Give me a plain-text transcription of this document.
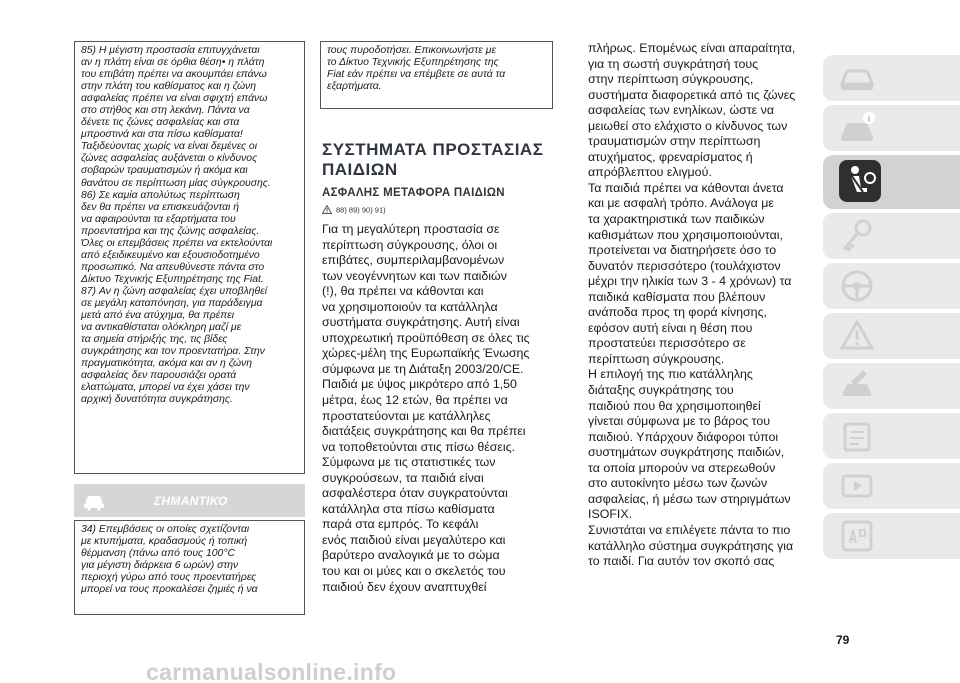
85) Η μέγιστη προστασία επιτυγχάνεται
αν η πλάτη είναι σε όρθια θέση• η πλάτη
του επιβάτη πρέπει να ακουμπάει επάνω
στην πλάτη του καθίσματος και η ζώνη
ασφαλείας πρέπει να είναι σφιχτή επάνω
στο στήθος και στη λεκάνη. Πάντα να
δένετε τις ζώνες ασφαλείας και στα
μπροστινά και στα πίσω καθίσματα!
Ταξιδεύοντας χωρίς να είναι δεμένες οι
ζώνες ασφαλείας αυξάνεται ο κίνδυνος
σοβαρών τραυματισμών ή ακόμα και
θανάτου σε περίπτωση μίας σύγκρουσης.
86) Σε καμία απολύτως περίπτωση
δεν θα πρέπει να επισκευάζονται ή
να αφαιρούνται τα εξαρτήματα του
προεντατήρα και της ζώνης ασφαλείας.
Όλες οι επεμβάσεις πρέπει να εκτελούνται
από εξειδικευμένο και εξουσιοδοτημένο
προσωπικό. Να απευθύνεστε πάντα στο
Δίκτυο Τεχνικής Εξυπηρέτησης της Fiat.
87) Αν η ζώνη ασφαλείας έχει υποβληθεί
σε μεγάλη καταπόνηση, για παράδειγμα
μετά από ένα ατύχημα, θα πρέπει
να αντικαθίσταται ολόκληρη μαζί με
τα σημεία στήριξής της, τις βίδες
συγκράτησης και τον προεντατήρα. Στην
πραγματικότητα, ακόμα και αν η ζώνη
ασφαλείας δεν παρουσιάζει ορατά
ελαττώματα, μπορεί να έχει χάσει την
αρχική δυνατότητα συγκράτησης.
ΣΗΜΑΝΤΙΚΟ
34) Επεμβάσεις οι οποίες σχετίζονται
με κτυπήματα, κραδασμούς ή τοπική
θέρμανση (πάνω από τους 100°C
για μέγιστη διάρκεια 6 ωρών) στην
περιοχή γύρω από τους προεντατήρες
μπορεί να τους προκαλέσει ζημιές ή να
τους πυροδοτήσει. Επικοινωνήστε με
το Δίκτυο Τεχνικής Εξυπηρέτησης της
Fiat εάν πρέπει να επέμβετε σε αυτά τα
εξαρτήματα.
ΣΥΣΤΗΜΑΤΑ ΠΡΟΣΤΑΣΙΑΣ
ΠΑΙΔΙΩΝ
ΑΣΦΑΛΗΣ ΜΕΤΑΦΟΡΑ ΠΑΙΔΙΩΝ
88) 89) 90) 91)
Για τη μεγαλύτερη προστασία σε
περίπτωση σύγκρουσης, όλοι οι
επιβάτες, συμπεριλαμβανομένων
των νεογέννητων και των παιδιών
(!), θα πρέπει να κάθονται και
να χρησιμοποιούν τα κατάλληλα
συστήματα συγκράτησης. Αυτή είναι
υποχρεωτική προϋπόθεση σε όλες τις
χώρες-μέλη της Ευρωπαϊκής Ένωσης
σύμφωνα με τη Διάταξη 2003/20/CE.
Παιδιά με ύψος μικρότερο από 1,50
μέτρα, έως 12 ετών, θα πρέπει να
προστατεύονται με κατάλληλες
διατάξεις συγκράτησης και θα πρέπει
να τοποθετούνται στις πίσω θέσεις.
Σύμφωνα με τις στατιστικές των
συγκρούσεων, τα παιδιά είναι
ασφαλέστερα όταν συγκρατούνται
κατάλληλα στα πίσω καθίσματα
παρά στα εμπρός. Το κεφάλι
ενός παιδιού είναι μεγαλύτερο και
βαρύτερο αναλογικά με το σώμα
του και οι μύες και ο σκελετός του
παιδιού δεν έχουν αναπτυχθεί
πλήρως. Επομένως είναι απαραίτητα,
για τη σωστή συγκράτησή τους
στην περίπτωση σύγκρουσης,
συστήματα διαφορετικά από τις ζώνες
ασφαλείας των ενηλίκων, ώστε να
μειωθεί στο ελάχιστο ο κίνδυνος των
τραυματισμών στην περίπτωση
ατυχήματος, φρεναρίσματος ή
απρόβλεπτου ελιγμού.
Τα παιδιά πρέπει να κάθονται άνετα
και με ασφαλή τρόπο. Ανάλογα με
τα χαρακτηριστικά των παιδικών
καθισμάτων που χρησιμοποιούνται,
προτείνεται να διατηρήσετε όσο το
δυνατόν περισσότερο (τουλάχιστον
μέχρι την ηλικία των 3 - 4 χρόνων) τα
παιδικά καθίσματα που βλέπουν
ανάποδα προς τη φορά κίνησης,
εφόσον αυτή είναι η θέση που
προστατεύει περισσότερο σε
περίπτωση σύγκρουσης.
Η επιλογή της πιο κατάλληλης
διάταξης συγκράτησης του
παιδιού που θα χρησιμοποιηθεί
γίνεται σύμφωνα με το βάρος του
παιδιού. Υπάρχουν διάφοροι τύποι
συστημάτων συγκράτησης παιδιών,
τα οποία μπορούν να στερεωθούν
στο αυτοκίνητο μέσω των ζωνών
ασφαλείας, ή μέσω των στηριγμάτων
ISOFIX.
Συνιστάται να επιλέγετε πάντα το πιο
κατάλληλο σύστημα συγκράτησης για
το παιδί. Για αυτόν τον σκοπό σας
79
carmanualsonline.info
